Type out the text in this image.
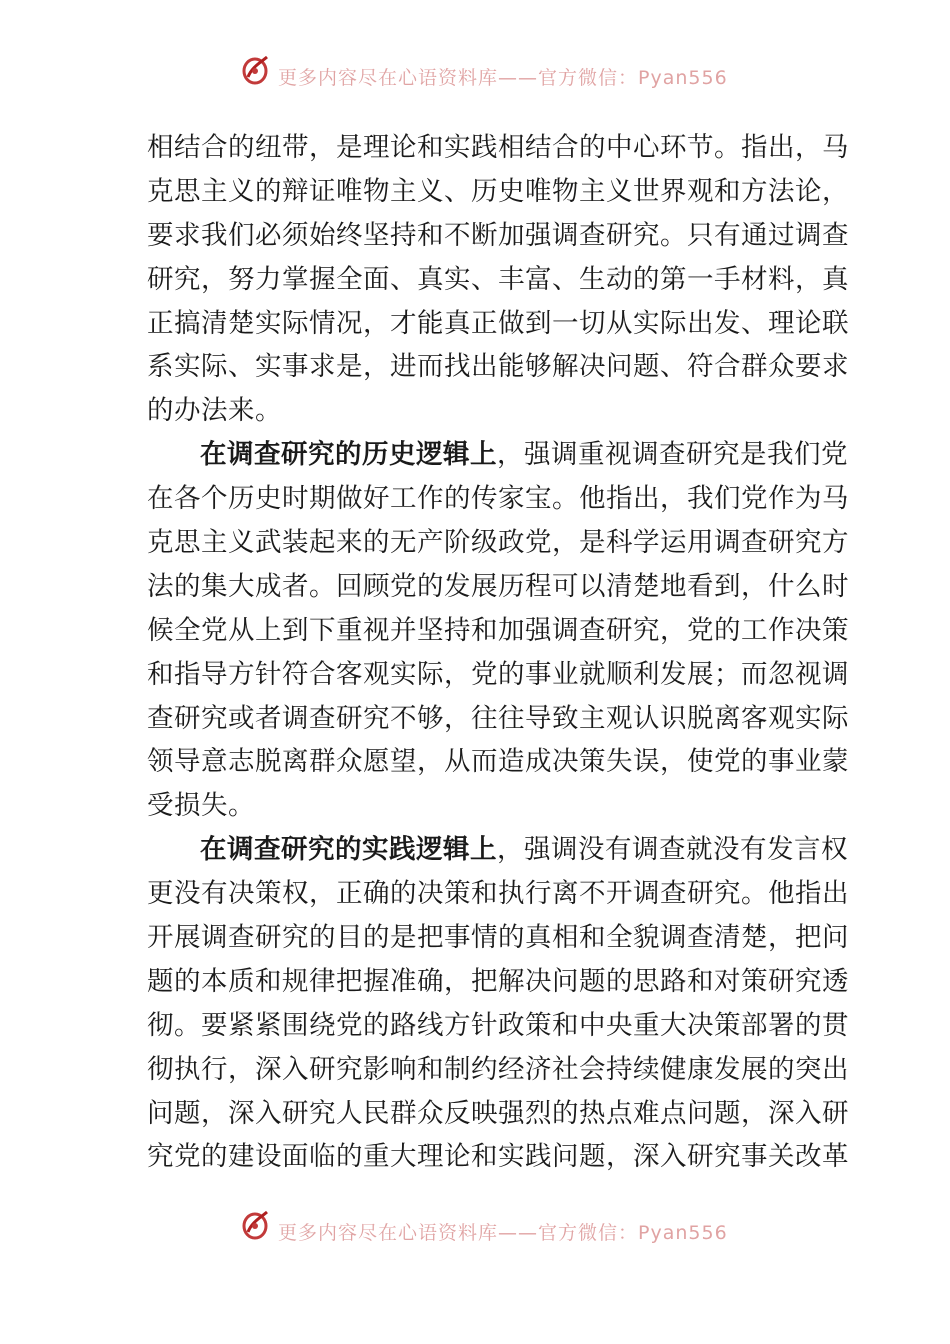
更多内容尽在心语资料库——官方微信：Pyan556
相结合的纽带，是理论和实践相结合的中心环节。指出，马
克思主义的辩证唯物主义、历史唯物主义世界观和方法论，
要求我们必须始终坚持和不断加强调查研究。只有通过调查
研究，努力掌握全面、真实、丰富、生动的第一手材料，真
正搞清楚实际情况，才能真正做到一切从实际出发、理论联
系实际、实事求是，进而找出能够解决问题、符合群众要求
的办法来。
在调查研究的历史逻辑上，强调重视调查研究是我们党
在各个历史时期做好工作的传家宝。他指出，我们党作为马
克思主义武装起来的无产阶级政党，是科学运用调查研究方
法的集大成者。回顾党的发展历程可以清楚地看到，什么时
候全党从上到下重视并坚持和加强调查研究，党的工作决策
和指导方针符合客观实际，党的事业就顺利发展；而忽视调
查研究或者调查研究不够，往往导致主观认识脱离客观实际
领导意志脱离群众愿望，从而造成决策失误，使党的事业蒙
受损失。
在调查研究的实践逻辑上，强调没有调查就没有发言权
更没有决策权，正确的决策和执行离不开调查研究。他指出
开展调查研究的目的是把事情的真相和全貌调查清楚，把问
题的本质和规律把握准确，把解决问题的思路和对策研究透
彻。要紧紧围绕党的路线方针政策和中央重大决策部署的贯
彻执行，深入研究影响和制约经济社会持续健康发展的突出
问题，深入研究人民群众反映强烈的热点难点问题，深入研
究党的建设面临的重大理论和实践问题，深入研究事关改革
更多内容尽在心语资料库——官方微信：Pyan556
